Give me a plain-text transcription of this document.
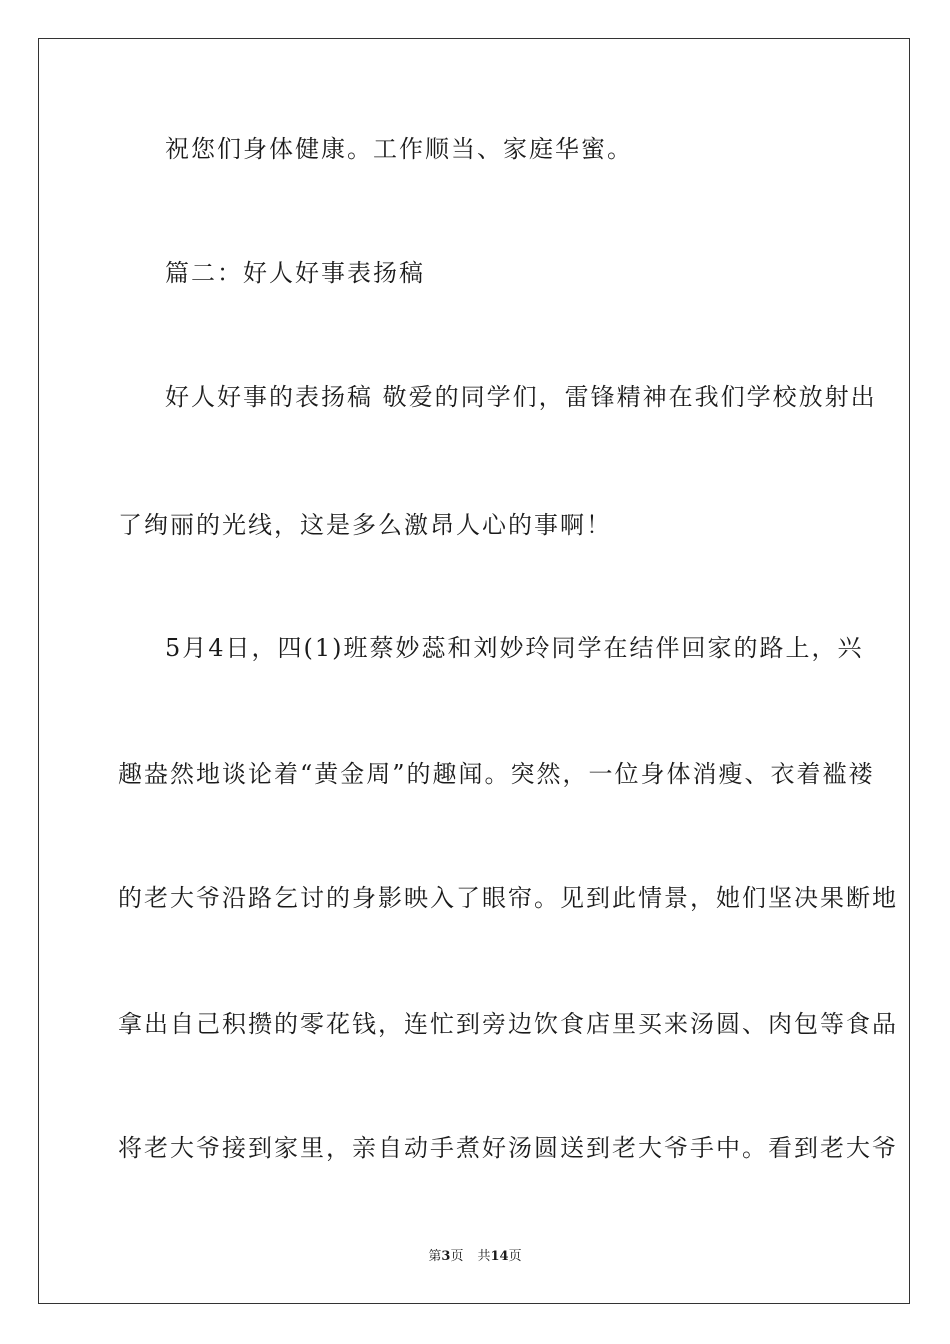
祝您们身体健康。工作顺当、家庭华蜜。
篇二：好人好事表扬稿
好人好事的表扬稿 敬爱的同学们，雷锋精神在我们学校放射出
了绚丽的光线，这是多么激昂人心的事啊！
5月4日，四(1)班蔡妙蕊和刘妙玲同学在结伴回家的路上，兴
趣盎然地谈论着“黄金周”的趣闻。突然，一位身体消瘦、衣着褴褛
的老大爷沿路乞讨的身影映入了眼帘。见到此情景，她们坚决果断地
拿出自己积攒的零花钱，连忙到旁边饮食店里买来汤圆、肉包等食品
将老大爷接到家里，亲自动手煮好汤圆送到老大爷手中。看到老大爷
第3页 共14页
